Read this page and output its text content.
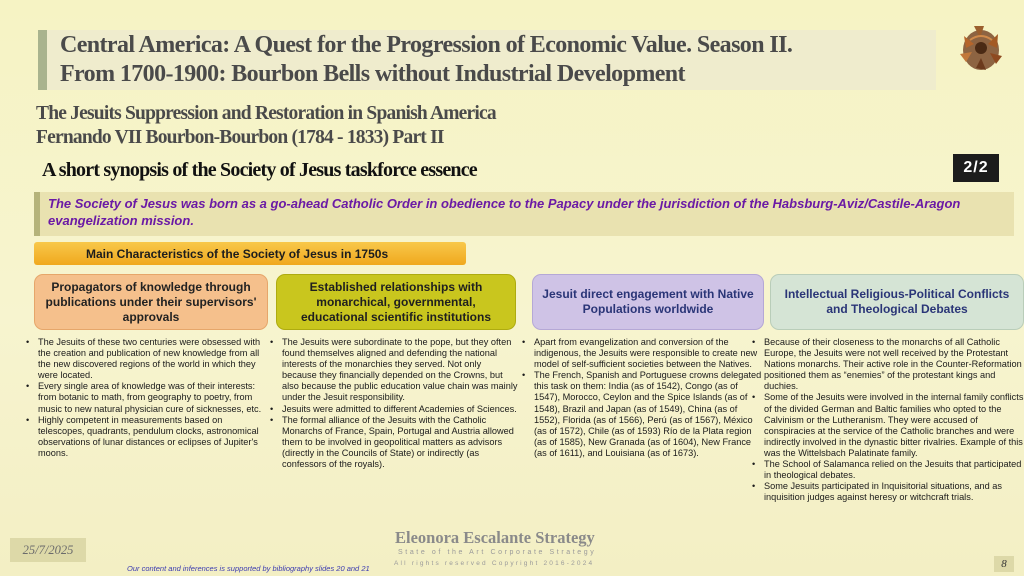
Central America: A Quest for the Progression of Economic Value. Season II.
From 1700-1900: Bourbon Bells without Industrial Development
The Jesuits Suppression and Restoration in Spanish America
Fernando VII Bourbon-Bourbon (1784 - 1833) Part II
A short synopsis of the Society of Jesus taskforce essence	2/2
The Society of Jesus was born as a go-ahead Catholic Order in obedience to the Papacy under the jurisdiction of the Habsburg-Aviz/Castile-Aragon evangelization mission.
Main Characteristics of the Society of Jesus in 1750s
Propagators of knowledge through publications under their supervisors' approvals
Established relationships with monarchical, governmental, educational scientific institutions
Jesuit direct engagement with Native Populations worldwide
Intellectual Religious-Political Conflicts and Theological Debates
• The Jesuits of these two centuries were obsessed with the creation and publication of new knowledge from all the new discovered regions of the world in which they were located.
• Every single area of knowledge was of their interests: from botanic to math, from geography to poetry, from music to new natural physician cure of sicknesses, etc.
• Highly competent in measurements based on telescopes, quadrants, pendulum clocks, astronomical observations of lunar distances or eclipses of Jupiter's moons.
• The Jesuits were subordinate to the pope, but they often found themselves aligned and defending the national interests of the monarchies they served. Not only because they financially depended on the Crowns, but also because the public education value chain was mainly under the Jesuit responsibility.
• Jesuits were admitted to different Academies of Sciences.
• The formal alliance of the Jesuits with the Catholic Monarchs of France, Spain, Portugal and Austria allowed them to be involved in geopolitical matters as advisors (directly in the Councils of State) or indirectly (as confessors of the royals).
• Apart from evangelization and conversion of the indigenous, the Jesuits were responsible to create new model of self-sufficient societies between the Natives.
• The French, Spanish and Portuguese crowns delegated this task on them: India (as of 1542), Congo (as of 1547), Morocco, Ceylon and the Spice Islands (as of 1548), Brazil and Japan (as of 1549), China (as of 1552), Florida (as of 1566), Perú (as of 1567), México (as of 1572), Chile (as of 1593) Río de la Plata region (as of 1585), New Granada (as of 1604), New France (as of 1611), and Louisiana (as of 1673).
• Because of their closeness to the monarchs of all Catholic Europe, the Jesuits were not well received by the Protestant Nations monarchs. Their active role in the Counter-Reformation positioned them as “enemies” of the protestant kings and duchies.
• Some of the Jesuits were involved in the internal family conflicts of the divided German and Baltic families who opted to the Calvinism or the Lutheranism. They were accused of conspiracies at the service of the Catholic branches and were indirectly involved in the dynastic bitter rivalries. Example of this was the Wittelsbach Palatinate family.
• The School of Salamanca relied on the Jesuits that participated in theological debates.
• Some Jesuits participated in Inquisitorial situations, and as inquisition judges against heresy or witchcraft trials.
25/7/2025
Eleonora Escalante Strategy
State of the Art Corporate Strategy
All rights reserved Copyright 2016-2024
Our content and inferences is supported by bibliography slides 20 and 21	8
